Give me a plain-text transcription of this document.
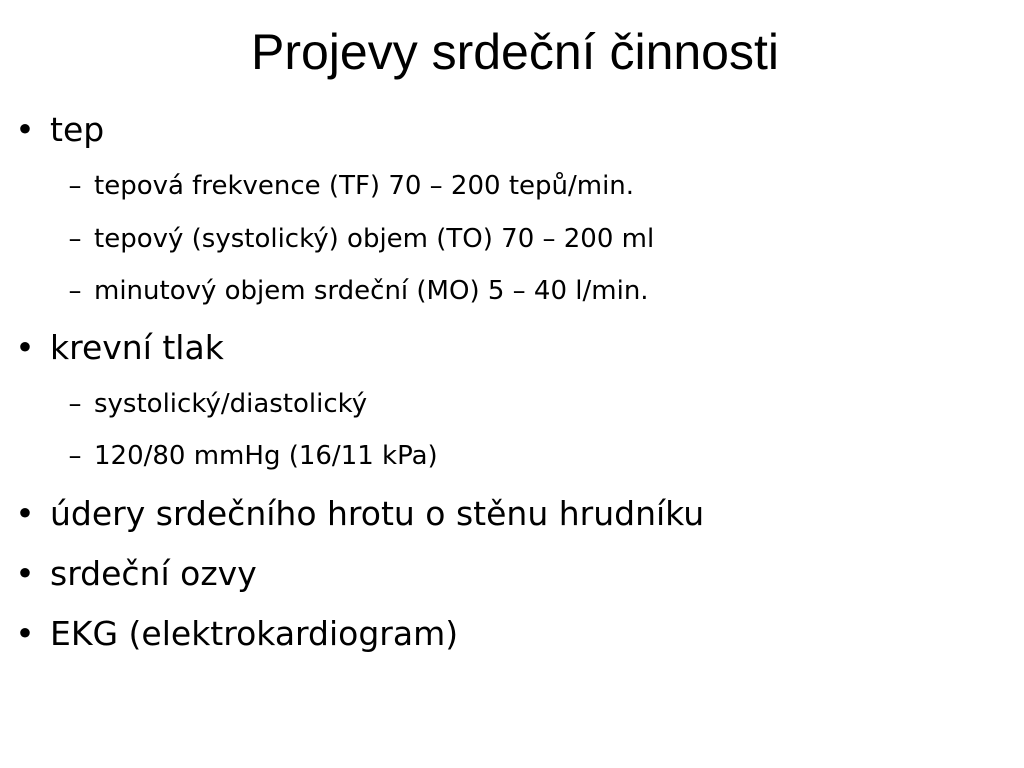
Projevy srdeční činnosti
• tep
– tepová frekvence (TF) 70 – 200 tepů/min.
– tepový (systolický) objem (TO) 70 – 200 ml
– minutový objem srdeční (MO) 5 – 40 l/min.
• krevní tlak
– systolický/diastolický
– 120/80 mmHg (16/11 kPa)
• údery srdečního hrotu o stěnu hrudníku
• srdeční ozvy
• EKG (elektrokardiogram)
